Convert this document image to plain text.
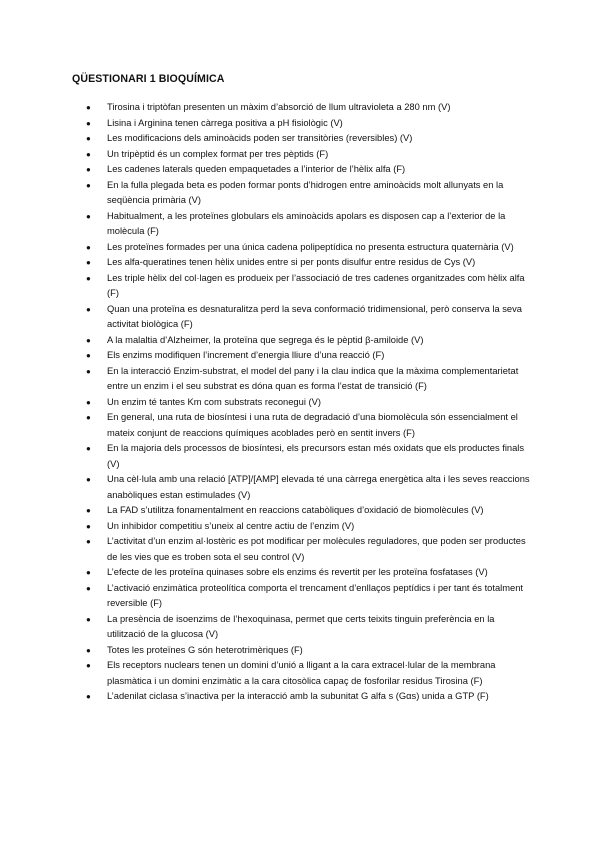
QÜESTIONARI 1 BIOQUÍMICA
● Tirosina i triptòfan presenten un màxim d’absorció de llum ultravioleta a 280 nm (V)
● Lisina i Arginina tenen càrrega positiva a pH fisiològic (V)
● Les modificacions dels aminoàcids poden ser transitòries (reversibles) (V)
● Un tripèptid és un complex format per tres pèptids (F)
● Les cadenes laterals queden empaquetades a l’interior de l’hèlix alfa (F)
● En la fulla plegada beta es poden formar ponts d’hidrogen entre aminoàcids molt allunyats en la seqüència primària (V)
● Habitualment, a les proteïnes globulars els aminoàcids apolars es disposen cap a l’exterior de la molècula (F)
● Les proteïnes formades per una única cadena polipeptídica no presenta estructura quaternària (V)
● Les alfa-queratines tenen hèlix unides entre si per ponts disulfur entre residus de Cys (V)
● Les triple hèlix del col·lagen es produeix per l’associació de tres cadenes organitzades com hèlix alfa (F)
● Quan una proteïna es desnaturalitza perd la seva conformació tridimensional, però conserva la seva activitat biològica (F)
● A la malaltia d’Alzheimer, la proteïna que segrega és le pèptid β-amiloide (V)
● Els enzims modifiquen l’increment d’energia lliure d’una reacció (F)
● En la interacció Enzim-substrat, el model del pany i la clau indica que la màxima complementarietat entre un enzim i el seu substrat es dóna quan es forma l’estat de transició (F)
● Un enzim té tantes Km com substrats reconegui (V)
● En general, una ruta de biosíntesi i una ruta de degradació d’una biomolècula són essencialment el mateix conjunt de reaccions químiques acoblades però en sentit invers (F)
● En la majoria dels processos de biosíntesi, els precursors estan més oxidats que els productes finals (V)
● Una cèl·lula amb una relació [ATP]/[AMP] elevada té una càrrega energètica alta i les seves reaccions anabòliques estan estimulades (V)
● La FAD s’utilitza fonamentalment en reaccions catabòliques d’oxidació de biomolècules (V)
● Un inhibidor competitiu s’uneix al centre actiu de l’enzim (V)
● L’activitat d’un enzim al·lostèric es pot modificar per molècules reguladores, que poden ser productes de les vies que es troben sota el seu control (V)
● L’efecte de les proteïna quinases sobre els enzims és revertit per les proteïna fosfatases (V)
● L’activació enzimàtica proteolítica comporta el trencament d’enllaços peptídics i per tant és totalment reversible (F)
● La presència de isoenzims de l’hexoquinasa, permet que certs teixits tinguin preferència en la utilització de la glucosa (V)
● Totes les proteïnes G són heterotrimèriques (F)
● Els receptors nuclears tenen un domini d’unió a lligant a la cara extracel·lular de la membrana plasmàtica i un domini enzimàtic a la cara citosòlica capaç de fosforilar residus Tirosina (F)
● L’adenilat ciclasa s’inactiva per la interacció amb la subunitat G alfa s (Gαs) unida a GTP (F)
